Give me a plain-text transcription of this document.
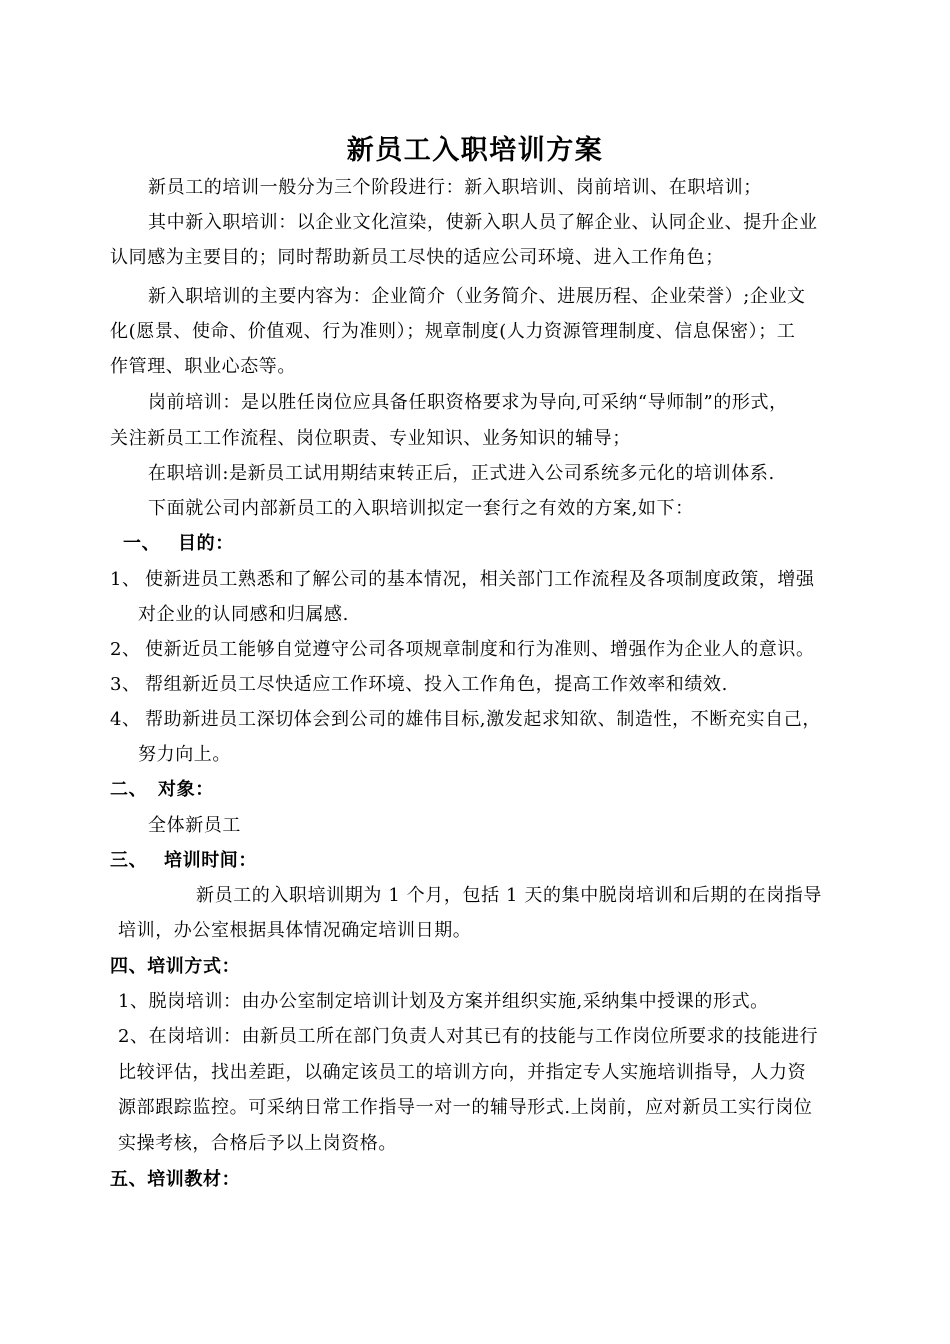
新员工入职培训方案
新员工的培训一般分为三个阶段进行：新入职培训、岗前培训、在职培训；
其中新入职培训：以企业文化渲染，使新入职人员了解企业、认同企业、提升企业
认同感为主要目的；同时帮助新员工尽快的适应公司环境、进入工作角色；
新入职培训的主要内容为：企业简介（业务简介、进展历程、企业荣誉）;企业文
化(愿景、使命、价值观、行为准则）；规章制度(人力资源管理制度、信息保密）；工
作管理、职业心态等。
岗前培训：是以胜任岗位应具备任职资格要求为导向,可采纳“导师制”的形式，
关注新员工工作流程、岗位职责、专业知识、业务知识的辅导；
在职培训:是新员工试用期结束转正后，正式进入公司系统多元化的培训体系.
下面就公司内部新员工的入职培训拟定一套行之有效的方案,如下：
一、 目的：
1、 使新进员工熟悉和了解公司的基本情况，相关部门工作流程及各项制度政策，增强
对企业的认同感和归属感.
2、 使新近员工能够自觉遵守公司各项规章制度和行为准则、增强作为企业人的意识。
3、 帮组新近员工尽快适应工作环境、投入工作角色，提高工作效率和绩效.
4、 帮助新进员工深切体会到公司的雄伟目标,激发起求知欲、制造性，不断充实自己，
努力向上。
二、 对象：
全体新员工
三、 培训时间：
新员工的入职培训期为 1 个月，包括 1 天的集中脱岗培训和后期的在岗指导
培训，办公室根据具体情况确定培训日期。
四、培训方式：
1、脱岗培训：由办公室制定培训计划及方案并组织实施,采纳集中授课的形式。
2、在岗培训：由新员工所在部门负责人对其已有的技能与工作岗位所要求的技能进行
比较评估，找出差距，以确定该员工的培训方向，并指定专人实施培训指导，人力资
源部跟踪监控。可采纳日常工作指导一对一的辅导形式.上岗前，应对新员工实行岗位
实操考核，合格后予以上岗资格。
五、培训教材：
